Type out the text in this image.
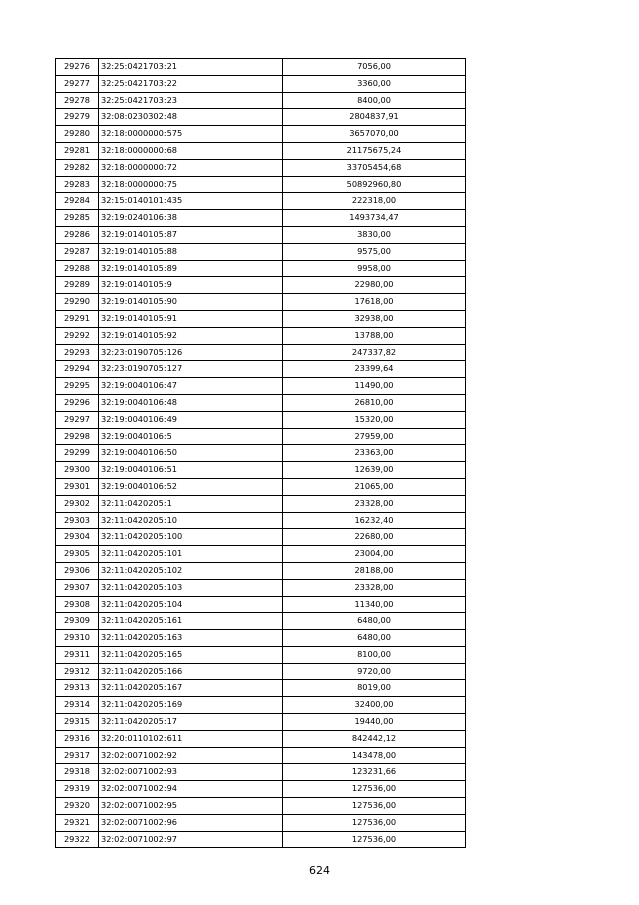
29276	32:25:0421703:21	7056,00
29277	32:25:0421703:22	3360,00
29278	32:25:0421703:23	8400,00
29279	32:08:0230302:48	2804837,91
29280	32:18:0000000:575	3657070,00
29281	32:18:0000000:68	21175675,24
29282	32:18:0000000:72	33705454,68
29283	32:18:0000000:75	50892960,80
29284	32:15:0140101:435	222318,00
29285	32:19:0240106:38	1493734,47
29286	32:19:0140105:87	3830,00
29287	32:19:0140105:88	9575,00
29288	32:19:0140105:89	9958,00
29289	32:19:0140105:9	22980,00
29290	32:19:0140105:90	17618,00
29291	32:19:0140105:91	32938,00
29292	32:19:0140105:92	13788,00
29293	32:23:0190705:126	247337,82
29294	32:23:0190705:127	23399,64
29295	32:19:0040106:47	11490,00
29296	32:19:0040106:48	26810,00
29297	32:19:0040106:49	15320,00
29298	32:19:0040106:5	27959,00
29299	32:19:0040106:50	23363,00
29300	32:19:0040106:51	12639,00
29301	32:19:0040106:52	21065,00
29302	32:11:0420205:1	23328,00
29303	32:11:0420205:10	16232,40
29304	32:11:0420205:100	22680,00
29305	32:11:0420205:101	23004,00
29306	32:11:0420205:102	28188,00
29307	32:11:0420205:103	23328,00
29308	32:11:0420205:104	11340,00
29309	32:11:0420205:161	6480,00
29310	32:11:0420205:163	6480,00
29311	32:11:0420205:165	8100,00
29312	32:11:0420205:166	9720,00
29313	32:11:0420205:167	8019,00
29314	32:11:0420205:169	32400,00
29315	32:11:0420205:17	19440,00
29316	32:20:0110102:611	842442,12
29317	32:02:0071002:92	143478,00
29318	32:02:0071002:93	123231,66
29319	32:02:0071002:94	127536,00
29320	32:02:0071002:95	127536,00
29321	32:02:0071002:96	127536,00
29322	32:02:0071002:97	127536,00
624
